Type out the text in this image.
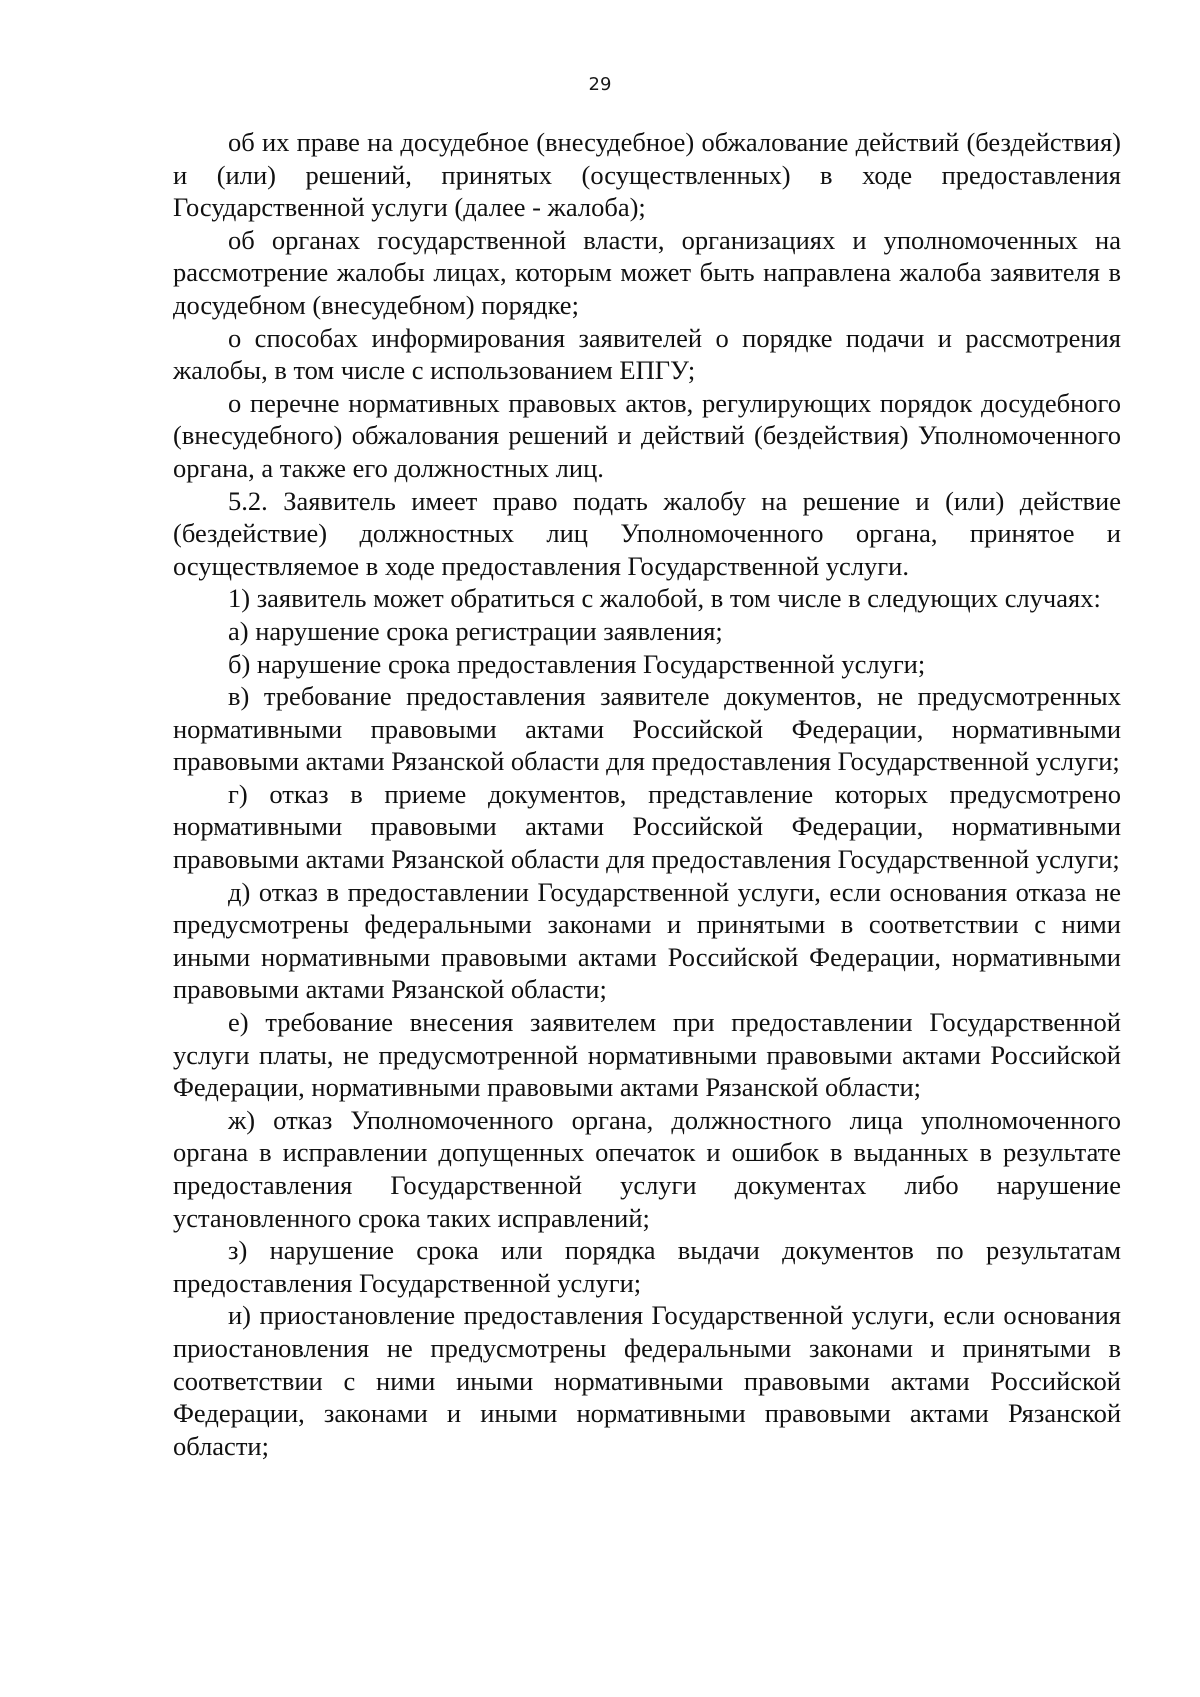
29

об их праве на досудебное (внесудебное) обжалование действий (бездействия) и (или) решений, принятых (осуществленных) в ходе предоставления Государственной услуги (далее - жалоба);

об органах государственной власти, организациях и уполномоченных на рассмотрение жалобы лицах, которым может быть направлена жалоба заявителя в досудебном (внесудебном) порядке;

о способах информирования заявителей о порядке подачи и рассмотрения жалобы, в том числе с использованием ЕПГУ;

о перечне нормативных правовых актов, регулирующих порядок досудебного (внесудебного) обжалования решений и действий (бездействия) Уполномоченного органа, а также его должностных лиц.

5.2. Заявитель имеет право подать жалобу на решение и (или) действие (бездействие) должностных лиц Уполномоченного органа, принятое и осуществляемое в ходе предоставления Государственной услуги.

1) заявитель может обратиться с жалобой, в том числе в следующих случаях:

а) нарушение срока регистрации заявления;

б) нарушение срока предоставления Государственной услуги;

в) требование предоставления заявителе документов, не предусмотренных нормативными правовыми актами Российской Федерации, нормативными правовыми актами Рязанской области для предоставления Государственной услуги;

г) отказ в приеме документов, представление которых предусмотрено нормативными правовыми актами Российской Федерации, нормативными правовыми актами Рязанской области для предоставления Государственной услуги;

д) отказ в предоставлении Государственной услуги, если основания отказа не предусмотрены федеральными законами и принятыми в соответствии с ними иными нормативными правовыми актами Российской Федерации, нормативными правовыми актами Рязанской области;

е) требование внесения заявителем при предоставлении Государственной услуги платы, не предусмотренной нормативными правовыми актами Российской Федерации, нормативными правовыми актами Рязанской области;

ж) отказ Уполномоченного органа, должностного лица уполномоченного органа в исправлении допущенных опечаток и ошибок в выданных в результате предоставления Государственной услуги документах либо нарушение установленного срока таких исправлений;

з) нарушение срока или порядка выдачи документов по результатам предоставления Государственной услуги;

и) приостановление предоставления Государственной услуги, если основания приостановления не предусмотрены федеральными законами и принятыми в соответствии с ними иными нормативными правовыми актами Российской Федерации, законами и иными нормативными правовыми актами Рязанской области;
